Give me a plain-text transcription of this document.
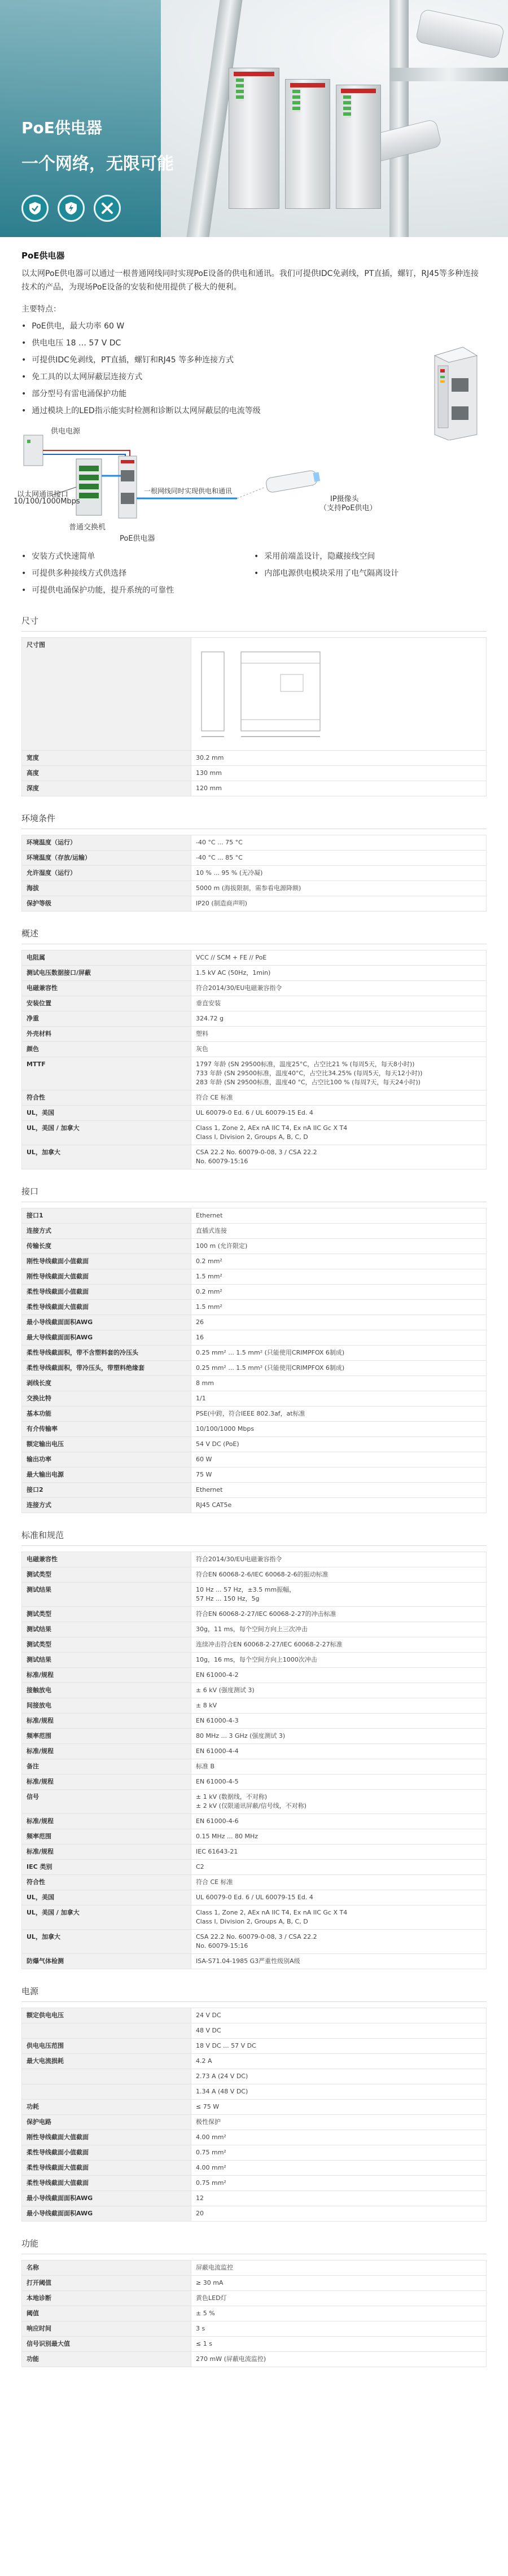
PoE供电器
一个网络，无限可能
PoE供电器

以太网PoE供电器可以通过一根普通网线同时实现PoE设备的供电和通讯。我们可提供IDC免剥线，PT直插，螺钉，RJ45等多种连接技术的产品，为现场PoE设备的安装和使用提供了极大的便利。

主要特点：
• PoE供电，最大功率 60 W
• 供电电压 18 … 57 V DC
• 可提供IDC免剥线，PT直插，螺钉和RJ45 等多种连接方式
• 免工具的以太网屏蔽层连接方式
• 部分型号有雷电涌保护功能
• 通过模块上的LED指示能实时检测和诊断以太网屏蔽层的电流等级
供电电源
以太网通讯接口
10/100/1000Mbps
普通交换机
PoE供电器
一根网线同时实现供电和通讯
IP摄像头
（支持PoE供电）
• 安装方式快速简单
• 可提供多种接线方式供选择
• 可提供电涌保护功能，提升系统的可靠性
• 采用前端盖设计，隐藏接线空间
• 内部电源供电模块采用了电气隔离设计
尺寸
尺寸图	
宽度	30.2 mm
高度	130 mm
深度	120 mm
环境条件
环境温度（运行）	-40 °C ... 75 °C
环境温度（存放/运输）	-40 °C ... 85 °C
允许湿度（运行）	10 % ... 95 % (无冷凝)
海拔	5000 m (海拔限制，需参看电源降额)
保护等级	IP20 (制造商声明)
概述
电阻属	VCC // SCM + FE // PoE
测试电压数据接口/屏蔽	1.5 kV AC (50Hz，1min)
电磁兼容性	符合2014/30/EU电磁兼容指令
安装位置	垂直安装
净重	324.72 g
外壳材料	塑料
颜色	灰色
MTTF	1797 年龄 (SN 29500标准，温度25°C，占空比21 % (每周5天，每天8小时))
733 年龄 (SN 29500标准，温度40°C，占空比34.25% (每周5天，每天12小时))
283 年龄 (SN 29500标准，温度40 °C，占空比100 % (每周7天，每天24小时))
符合性	符合 CE 标准
UL，美国	UL 60079-0 Ed. 6 / UL 60079-15 Ed. 4
UL，美国 / 加拿大	Class 1, Zone 2, AEx nA IIC T4, Ex nA IIC Gc X T4
Class I, Division 2, Groups A, B, C, D
UL，加拿大	CSA 22.2 No. 60079-0-08, 3 / CSA 22.2
No. 60079-15:16
接口
接口1	Ethernet
连接方式	直插式连接
传输长度	100 m (允许限定)
刚性导线截面小值截面	0.2 mm²
刚性导线截面大值截面	1.5 mm²
柔性导线截面小值截面	0.2 mm²
柔性导线截面大值截面	1.5 mm²
最小导线截面面积AWG	26
最大导线截面面积AWG	16
柔性导线截面积，带不含塑料套的冷压头	0.25 mm² ... 1.5 mm² (只能使用CRIMPFOX 6制成)
柔性导线截面积，带冷压头，带塑料绝缘套	0.25 mm² ... 1.5 mm² (只能使用CRIMPFOX 6制成)
剥线长度	8 mm
交换比特	1/1
基本功能	PSE(中跨，符合IEEE 802.3af，at标准
有介传输率	10/100/1000 Mbps
额定输出电压	54 V DC (PoE)
输出功率	60 W
最大输出电源	75 W
接口2	Ethernet
连接方式	RJ45 CAT5e
标准和规范
电磁兼容性	符合2014/30/EU电磁兼容指令
测试类型	符合EN 60068-2-6/IEC 60068-2-6的振动标准
测试结果	10 Hz ... 57 Hz，±3.5 mm振幅，
57 Hz ... 150 Hz，5g
测试类型	符合EN 60068-2-27/IEC 60068-2-27的冲击标准
测试结果	30g，11 ms，每个空间方向上三次冲击
测试类型	连续冲击符合EN 60068-2-27/IEC 60068-2-27标准
测试结果	10g，16 ms，每个空间方向上1000次冲击
标准/规程	EN 61000-4-2
接触放电	± 6 kV (强度测试 3)
间接放电	± 8 kV
标准/规程	EN 61000-4-3
频率范围	80 MHz ... 3 GHz (强度测试 3)
标准/规程	EN 61000-4-4
备注	标准 B
标准/规程	EN 61000-4-5
信号	± 1 kV (数据线，不对称)
± 2 kV (仅限通讯屏蔽/信号线，不对称)
标准/规程	EN 61000-4-6
频率范围	0.15 MHz ... 80 MHz
标准/规程	IEC 61643-21
IEC 类别	C2
符合性	符合 CE 标准
UL，美国	UL 60079-0 Ed. 6 / UL 60079-15 Ed. 4
UL，美国 / 加拿大	Class 1, Zone 2, AEx nA IIC T4, Ex nA IIC Gc X T4
Class I, Division 2, Groups A, B, C, D
UL，加拿大	CSA 22.2 No. 60079-0-08, 3 / CSA 22.2
No. 60079-15:16
防爆气体检测	ISA-S71.04-1985 G3严重性级别A级
电源
额定供电电压	24 V DC
	48 V DC
供电电压范围	18 V DC ... 57 V DC
最大电流损耗	4.2 A
	2.73 A (24 V DC)
	1.34 A (48 V DC)
功耗	≤ 75 W
保护电路	极性保护
刚性导线截面大值截面	4.00 mm²
柔性导线截面小值截面	0.75 mm²
柔性导线截面大值截面	4.00 mm²
柔性导线截面大值截面	0.75 mm²
最小导线截面面积AWG	12
最小导线截面面积AWG	20
功能
名称	屏蔽电流监控
打开阈值	≥ 30 mA
本地诊断	黄色LED灯
阈值	± 5 %
响应时间	3 s
信号识别最大值	≤ 1 s
功能	270 mW (屏蔽电流监控)
